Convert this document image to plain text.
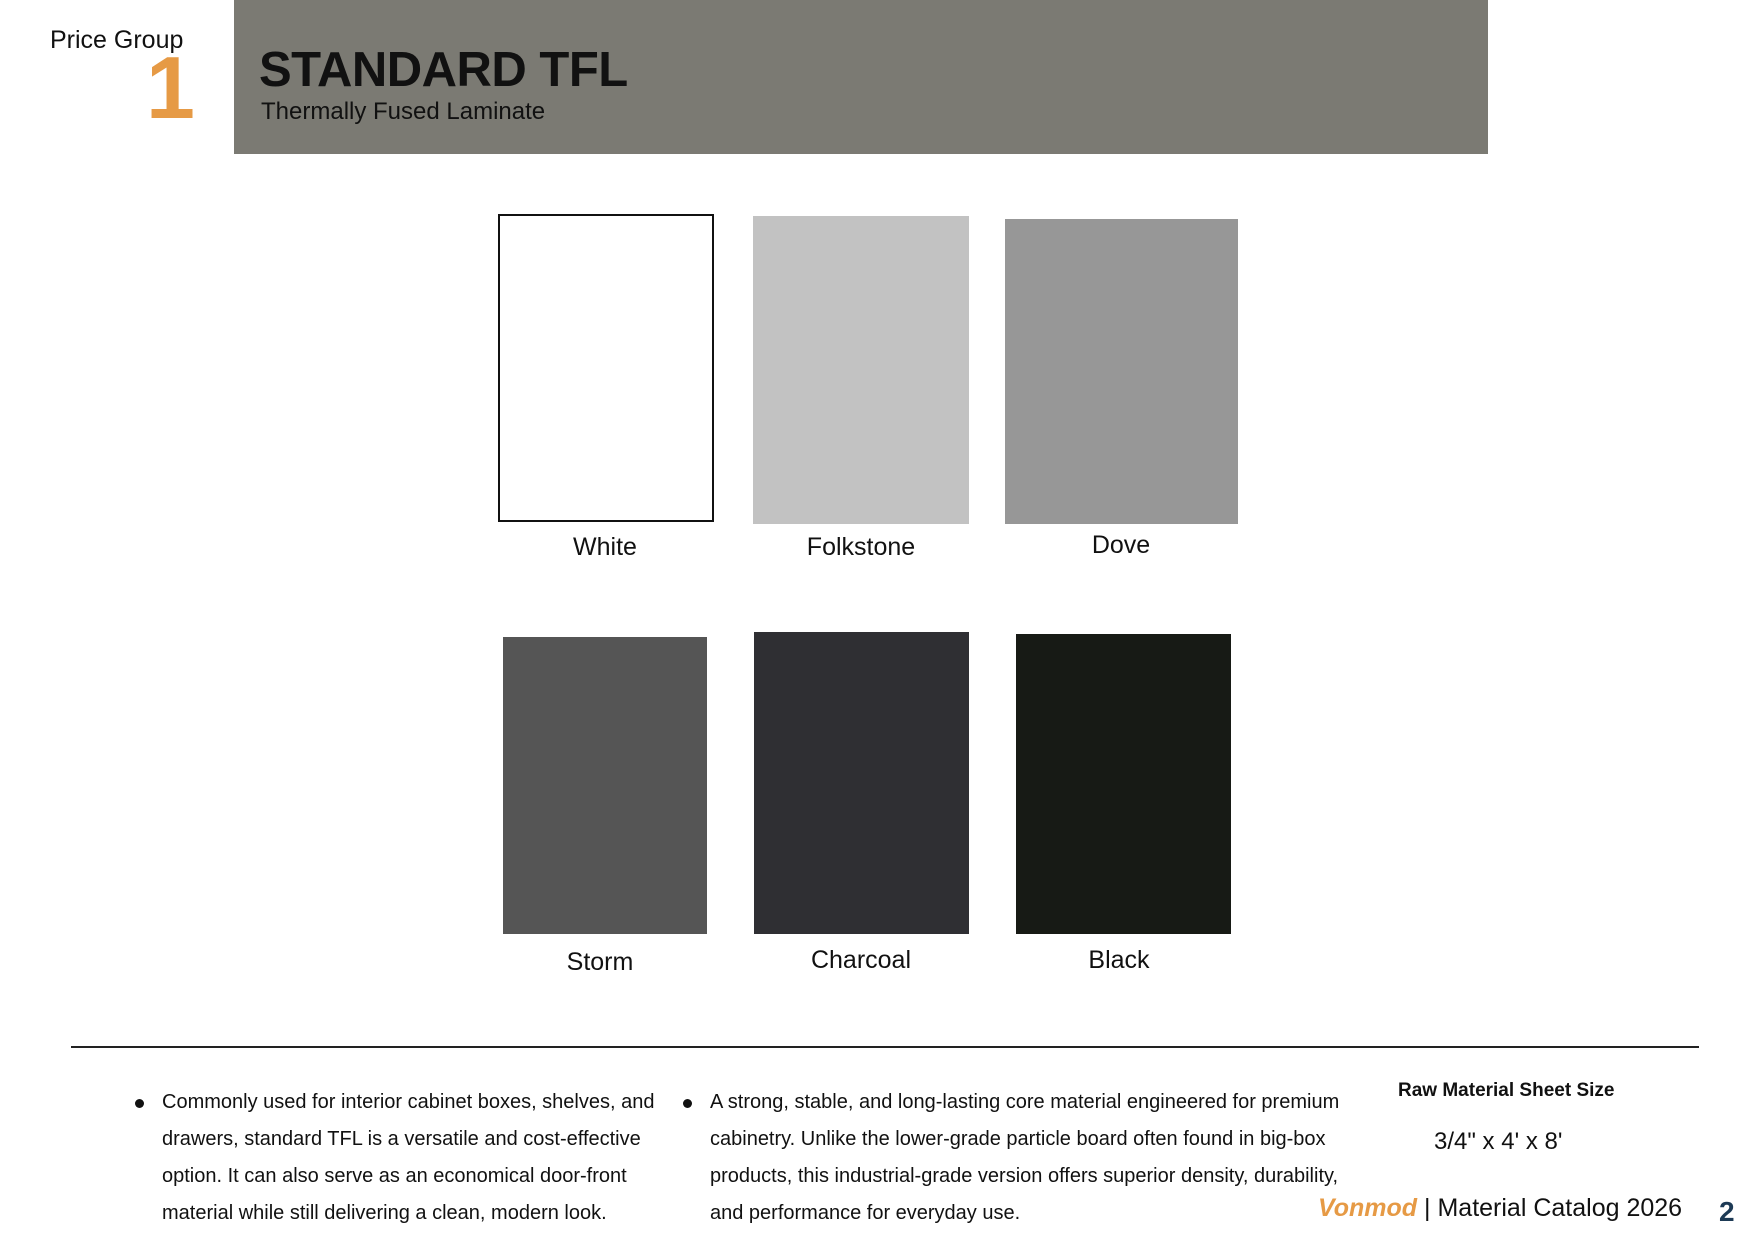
Price Group
1 STANDARD TFL
Thermally Fused Laminate
White	Folkstone	Dove
Storm	Charcoal	Black
Commonly used for interior cabinet boxes, shelves, and drawers, standard TFL is a versatile and cost-effective option. It can also serve as an economical door-front material while still delivering a clean, modern look.
A strong, stable, and long-lasting core material engineered for premium cabinetry. Unlike the lower-grade particle board often found in big-box products, this industrial-grade version offers superior density, durability, and performance for everyday use.
Raw Material Sheet Size
3/4" x 4' x 8'
Vonmod | Material Catalog 2026 2
